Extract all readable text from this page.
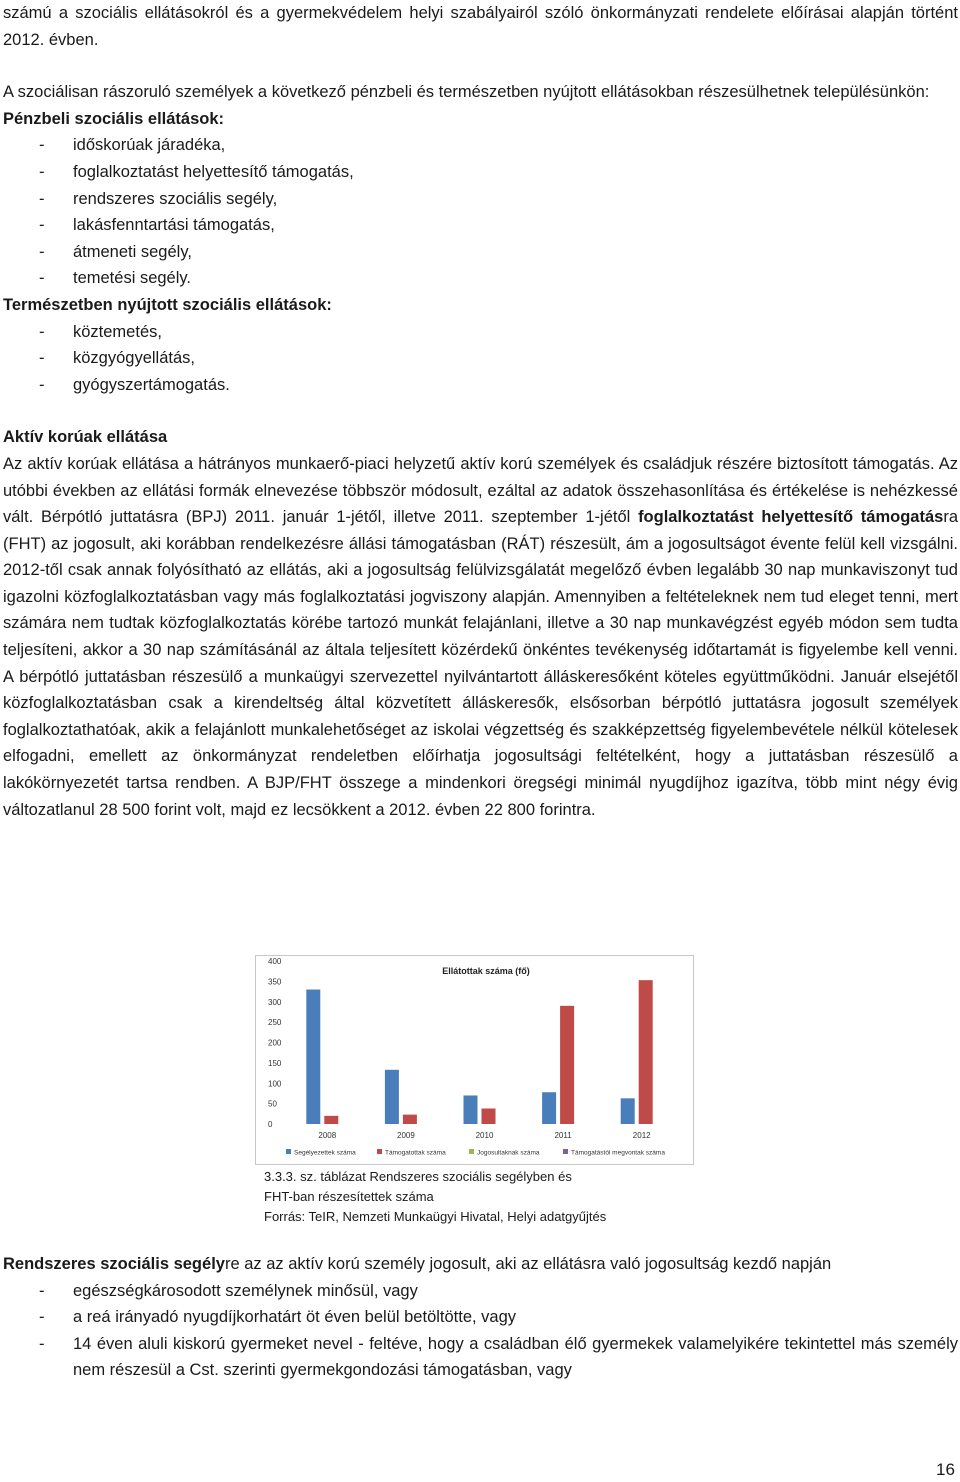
számú a szociális ellátásokról és a gyermekvédelem helyi szabályairól szóló önkormányzati rendelete előírásai alapján történt 2012. évben.

A szociálisan rászoruló személyek a következő pénzbeli és természetben nyújtott ellátásokban részesülhetnek településünkön:

Pénzbeli szociális ellátások:

- időskorúak járadéka,
- foglalkoztatást helyettesítő támogatás,
- rendszeres szociális segély,
- lakásfenntartási támogatás,
- átmeneti segély,
- temetési segély.

Természetben nyújtott szociális ellátások:

- köztemetés,
- közgyógyellátás,
- gyógyszertámogatás.

Aktív korúak ellátása

Az aktív korúak ellátása a hátrányos munkaerő-piaci helyzetű aktív korú személyek és családjuk részére biztosított támogatás. Az utóbbi években az ellátási formák elnevezése többször módosult, ezáltal az adatok összehasonlítása és értékelése is nehézkessé vált. Bérpótló juttatásra (BPJ) 2011. január 1-jétől, illetve 2011. szeptember 1-jétől foglalkoztatást helyettesítő támogatásra (FHT) az jogosult, aki korábban rendelkezésre állási támogatásban (RÁT) részesült, ám a jogosultságot évente felül kell vizsgálni. 2012-től csak annak folyósítható az ellátás, aki a jogosultság felülvizsgálatát megelőző évben legalább 30 nap munkaviszonyt tud igazolni közfoglalkoztatásban vagy más foglalkoztatási jogviszony alapján. Amennyiben a feltételeknek nem tud eleget tenni, mert számára nem tudtak közfoglalkoztatás körébe tartozó munkát felajánlani, illetve a 30 nap munkavégzést egyéb módon sem tudta teljesíteni, akkor a 30 nap számításánál az általa teljesített közérdekű önkéntes tevékenység időtartamát is figyelembe kell venni. A bérpótló juttatásban részesülő a munkaügyi szervezettel nyilvántartott álláskeresőként köteles együttműködni. Január elsejétől közfoglalkoztatásban csak a kirendeltség által közvetített álláskeresők, elsősorban bérpótló juttatásra jogosult személyek foglalkoztathatóak, akik a felajánlott munkalehetőséget az iskolai végzettség és szakképzettség figyelembevétele nélkül kötelesek elfogadni, emellett az önkormányzat rendeletben előírhatja jogosultsági feltételként, hogy a juttatásban részesülő a lakókörnyezetét tartsa rendben. A BJP/FHT összege a mindenkori öregségi minimál nyugdíjhoz igazítva, több mint négy évig változatlanul 28 500 forint volt, majd ez lecsökkent a 2012. évben 22 800 forintra.

Ellátottak száma (fő)
0
50
100
150
200
250
300
350
400
2008	2009	2010	2011	2012
Segélyezettek száma	Támogatottak száma	Jogosultaknak száma	Támogatástól megvontak száma
3.3.3. sz. táblázat Rendszeres szociális segélyben és
FHT-ban részesítettek száma
Forrás: TeIR, Nemzeti Munkaügyi Hivatal, Helyi adatgyűjtés

Rendszeres szociális segélyre az az aktív korú személy jogosult, aki az ellátásra való jogosultság kezdő napján

- egészségkárosodott személynek minősül, vagy
- a reá irányadó nyugdíjkorhatárt öt éven belül betöltötte, vagy
- 14 éven aluli kiskorú gyermeket nevel - feltéve, hogy a családban élő gyermekek valamelyikére tekintettel más személy nem részesül a Cst. szerinti gyermekgondozási támogatásban, vagy
16
